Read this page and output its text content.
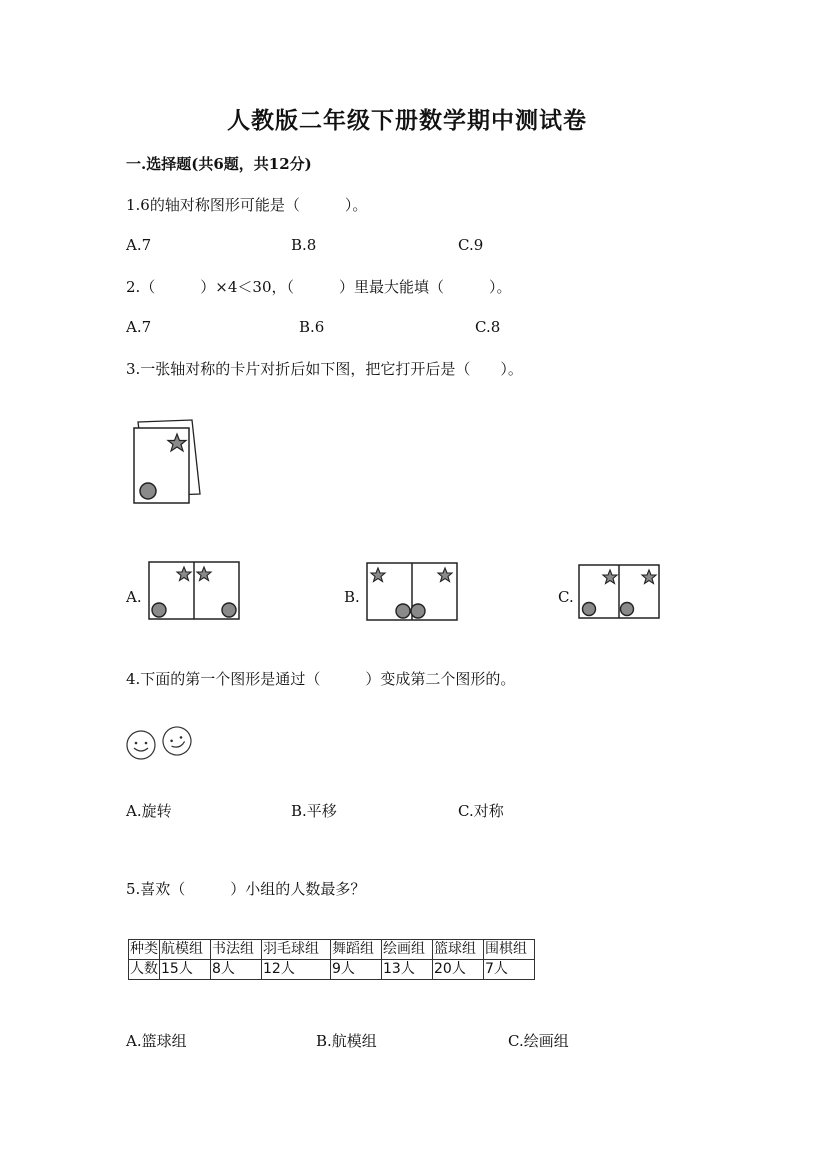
人教版二年级下册数学期中测试卷
一.选择题(共6题，共12分)
1.6的轴对称图形可能是（　　　）。
A.7	B.8	C.9
2.（　　　）×4＜30，（　　　）里最大能填（　　　）。
A.7	B.6	C.8
3.一张轴对称的卡片对折后如下图，把它打开后是（　　）。
A.	B.	C.
4.下面的第一个图形是通过（　　　）变成第二个图形的。
A.旋转	B.平移	C.对称
5.喜欢（　　　）小组的人数最多？
种类	航模组	书法组	羽毛球组	舞蹈组	绘画组	篮球组	围棋组
人数	15人	8人	12人	9人	13人	20人	7人
A.篮球组	B.航模组	C.绘画组
